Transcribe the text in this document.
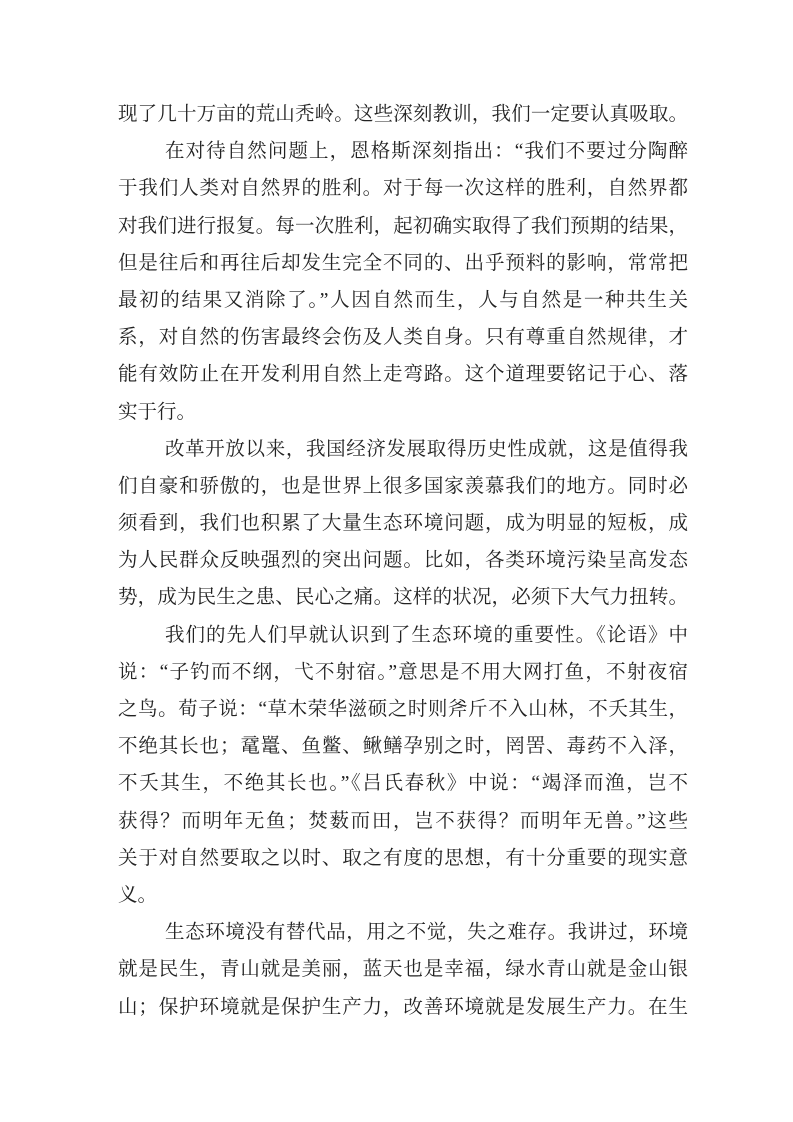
现了几十万亩的荒山秃岭。这些深刻教训，我们一定要认真吸取。
在对待自然问题上，恩格斯深刻指出：“我们不要过分陶醉
于我们人类对自然界的胜利。对于每一次这样的胜利，自然界都
对我们进行报复。每一次胜利，起初确实取得了我们预期的结果，
但是往后和再往后却发生完全不同的、出乎预料的影响，常常把
最初的结果又消除了。”人因自然而生，人与自然是一种共生关
系，对自然的伤害最终会伤及人类自身。只有尊重自然规律，才
能有效防止在开发利用自然上走弯路。这个道理要铭记于心、落
实于行。
改革开放以来，我国经济发展取得历史性成就，这是值得我
们自豪和骄傲的，也是世界上很多国家羡慕我们的地方。同时必
须看到，我们也积累了大量生态环境问题，成为明显的短板，成
为人民群众反映强烈的突出问题。比如，各类环境污染呈高发态
势，成为民生之患、民心之痛。这样的状况，必须下大气力扭转。
我们的先人们早就认识到了生态环境的重要性。《论语》中
说：“子钓而不纲，弋不射宿。”意思是不用大网打鱼，不射夜宿
之鸟。荀子说：“草木荣华滋硕之时则斧斤不入山林，不夭其生，
不绝其长也；鼋鼍、鱼鳖、鳅鳝孕别之时，罔罟、毒药不入泽，
不夭其生，不绝其长也。”《吕氏春秋》中说：“竭泽而渔，岂不
获得？而明年无鱼；焚薮而田，岂不获得？而明年无兽。”这些
关于对自然要取之以时、取之有度的思想，有十分重要的现实意
义。
生态环境没有替代品，用之不觉，失之难存。我讲过，环境
就是民生，青山就是美丽，蓝天也是幸福，绿水青山就是金山银
山；保护环境就是保护生产力，改善环境就是发展生产力。在生
